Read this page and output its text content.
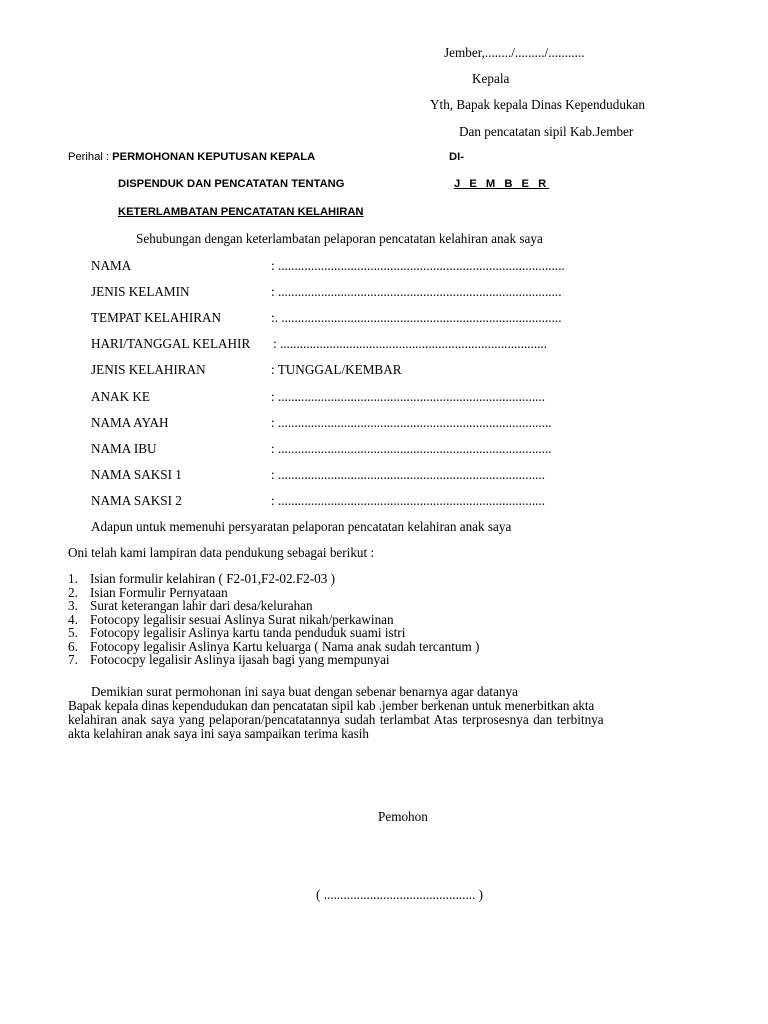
Jember,......../........./...........
Kepala
Yth, Bapak kepala Dinas Kependudukan
Dan pencatatan sipil Kab.Jember
Perihal : PERMOHONAN KEPUTUSAN KEPALA	DI-
DISPENDUK DAN PENCATATAN TENTANG	J E M B E R
KETERLAMBATAN PENCATATAN KELAHIRAN
Sehubungan dengan keterlambatan pelaporan pencatatan kelahiran anak saya
NAMA	: .......................................................................................
JENIS KELAMIN	: ......................................................................................
TEMPAT KELAHIRAN	:. .....................................................................................
HARI/TANGGAL KELAHIR : .................................................................................
JENIS KELAHIRAN	: TUNGGAL/KEMBAR
ANAK KE	: .................................................................................
NAMA AYAH	: ...................................................................................
NAMA IBU	: ...................................................................................
NAMA SAKSI 1	: .................................................................................
NAMA SAKSI 2	: .................................................................................
Adapun untuk memenuhi persyaratan pelaporan pencatatan kelahiran anak saya
Oni telah kami lampiran data pendukung sebagai berikut :
1. Isian formulir kelahiran ( F2-01,F2-02.F2-03 )
2. Isian Formulir Pernyataan
3. Surat keterangan lahir dari desa/kelurahan
4. Fotocopy legalisir sesuai Aslinya Surat nikah/perkawinan
5. Fotocopy legalisir Aslinya kartu tanda penduduk suami istri
6. Fotocopy legalisir Aslinya Kartu keluarga ( Nama anak sudah tercantum )
7. Fotococpy legalisir Aslinya ijasah bagi yang mempunyai
Demikian surat permohonan ini saya buat dengan sebenar benarnya agar datanya
Bapak kepala dinas kependudukan dan pencatatan sipil kab .jember berkenan untuk menerbitkan akta
kelahiran anak saya yang pelaporan/pencatatannya sudah terlambat Atas terprosesnya dan terbitnya
akta kelahiran anak saya ini saya sampaikan terima kasih
Pemohon
( .............................................. )
